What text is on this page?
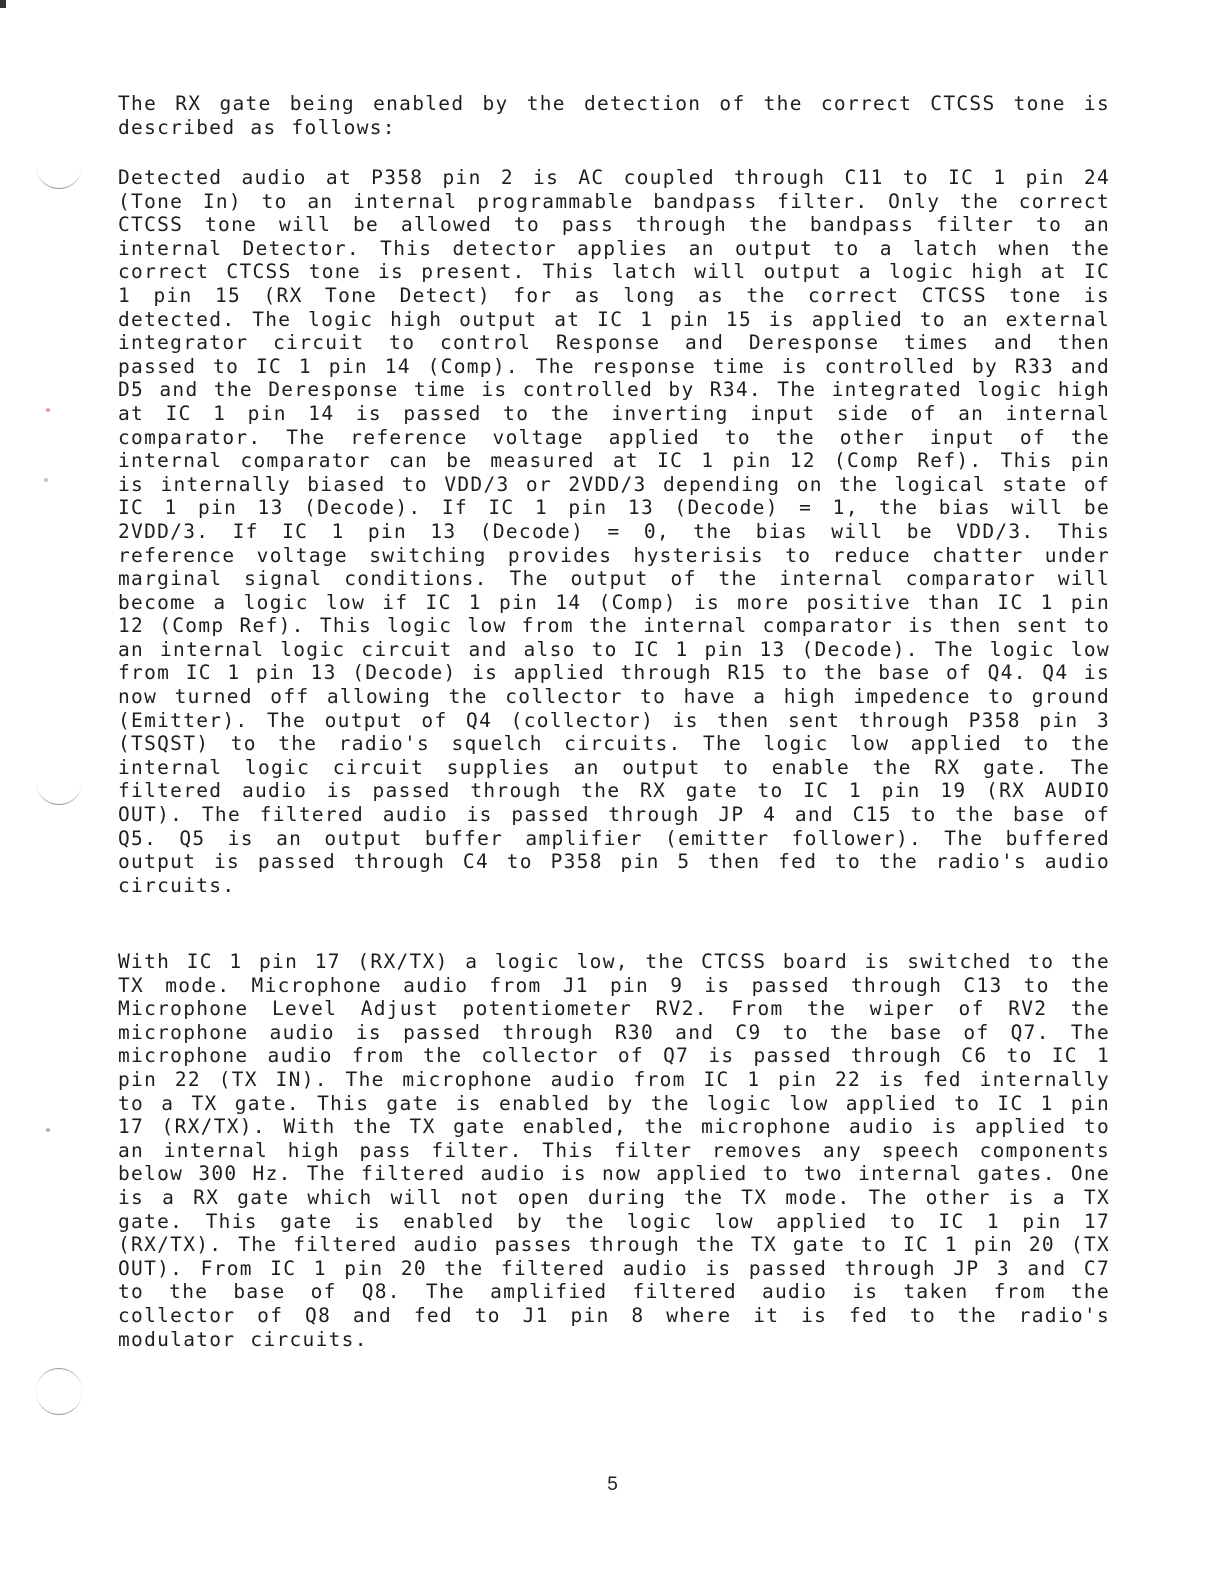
The RX gate being enabled by the detection of the correct CTCSS tone is described as follows:

Detected audio at P358 pin 2 is AC coupled through C11 to IC 1 pin 24 (Tone In) to an internal programmable bandpass filter. Only the correct CTCSS tone will be allowed to pass through the bandpass filter to an internal Detector. This detector applies an output to a latch when the correct CTCSS tone is present. This latch will output a logic high at IC 1 pin 15 (RX Tone Detect) for as long as the correct CTCSS tone is detected. The logic high output at IC 1 pin 15 is applied to an external integrator circuit to control Response and Deresponse times and then passed to IC 1 pin 14 (Comp). The response time is controlled by R33 and D5 and the Deresponse time is controlled by R34. The integrated logic high at IC 1 pin 14 is passed to the inverting input side of an internal comparator. The reference voltage applied to the other input of the internal comparator can be measured at IC 1 pin 12 (Comp Ref). This pin is internally biased to VDD/3 or 2VDD/3 depending on the logical state of IC 1 pin 13 (Decode). If IC 1 pin 13 (Decode) = 1, the bias will be 2VDD/3. If IC 1 pin 13 (Decode) = 0, the bias will be VDD/3. This reference voltage switching provides hysterisis to reduce chatter under marginal signal conditions. The output of the internal comparator will become a logic low if IC 1 pin 14 (Comp) is more positive than IC 1 pin 12 (Comp Ref). This logic low from the internal comparator is then sent to an internal logic circuit and also to IC 1 pin 13 (Decode). The logic low from IC 1 pin 13 (Decode) is applied through R15 to the base of Q4. Q4 is now turned off allowing the collector to have a high impedence to ground (Emitter). The output of Q4 (collector) is then sent through P358 pin 3 (TSQST) to the radio's squelch circuits. The logic low applied to the internal logic circuit supplies an output to enable the RX gate. The filtered audio is passed through the RX gate to IC 1 pin 19 (RX AUDIO OUT). The filtered audio is passed through JP 4 and C15 to the base of Q5. Q5 is an output buffer amplifier (emitter follower). The buffered output is passed through C4 to P358 pin 5 then fed to the radio's audio circuits.

With IC 1 pin 17 (RX/TX) a logic low, the CTCSS board is switched to the TX mode. Microphone audio from J1 pin 9 is passed through C13 to the Microphone Level Adjust potentiometer RV2. From the wiper of RV2 the microphone audio is passed through R30 and C9 to the base of Q7. The microphone audio from the collector of Q7 is passed through C6 to IC 1 pin 22 (TX IN). The microphone audio from IC 1 pin 22 is fed internally to a TX gate. This gate is enabled by the logic low applied to IC 1 pin 17 (RX/TX). With the TX gate enabled, the microphone audio is applied to an internal high pass filter. This filter removes any speech components below 300 Hz. The filtered audio is now applied to two internal gates. One is a RX gate which will not open during the TX mode. The other is a TX gate. This gate is enabled by the logic low applied to IC 1 pin 17 (RX/TX). The filtered audio passes through the TX gate to IC 1 pin 20 (TX OUT). From IC 1 pin 20 the filtered audio is passed through JP 3 and C7 to the base of Q8. The amplified filtered audio is taken from the collector of Q8 and fed to J1 pin 8 where it is fed to the radio's modulator circuits.

5
